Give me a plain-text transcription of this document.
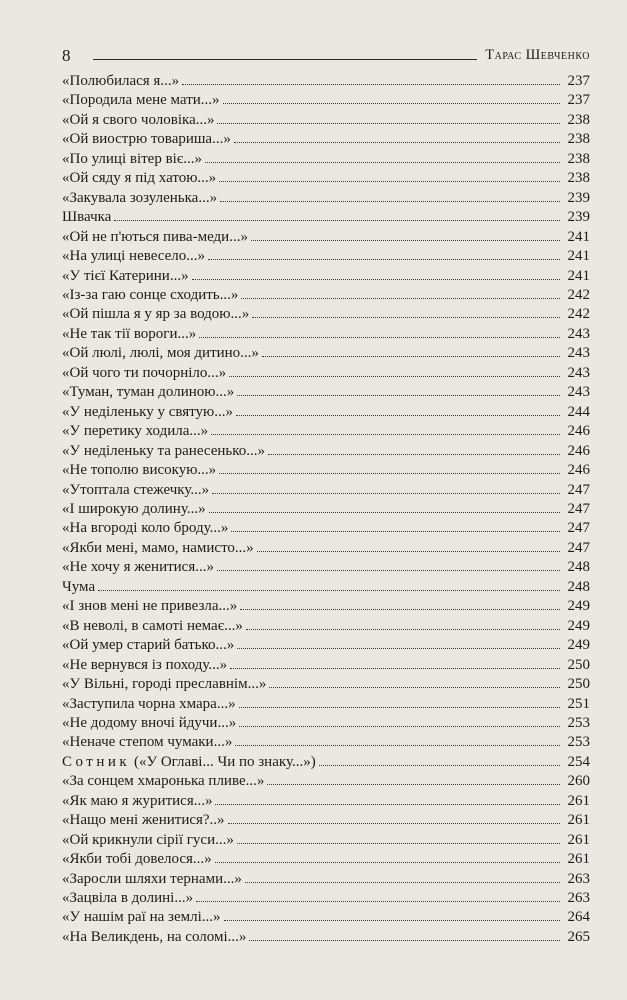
8	Тарас Шевченко
«Полюбилася я...»	237
«Породила мене мати...»	237
«Ой я свого чоловіка...»	238
«Ой виострю товариша...»	238
«По улиці вітер віє...»	238
«Ой сяду я під хатою...»	238
«Закувала зозуленька...»	239
Швачка	239
«Ой не п'ються пива-меди...»	241
«На улиці невесело...»	241
«У тієї Катерини...»	241
«Із-за гаю сонце сходить...»	242
«Ой пішла я у яр за водою...»	242
«Не так тії вороги...»	243
«Ой люлі, люлі, моя дитино...»	243
«Ой чого ти почорніло...»	243
«Туман, туман долиною...»	243
«У неділеньку у святую...»	244
«У перетику ходила...»	246
«У неділеньку та ранесенько...»	246
«Не тополю високую...»	246
«Утоптала стежечку...»	247
«І широкую долину...»	247
«На вгороді коло броду...»	247
«Якби мені, мамо, намисто...»	247
«Не хочу я женитися...»	248
Чума	248
«І знов мені не привезла...»	249
«В неволі, в самоті немає...»	249
«Ой умер старий батько...»	249
«Не вернувся із походу...»	250
«У Вільні, городі преславнім...»	250
«Заступила чорна хмара...»	251
«Не додому вночі йдучи...»	253
«Неначе степом чумаки...»	253
Сотник («У Оглаві... Чи по знаку...»)	254
«За сонцем хмаронька пливе...»	260
«Як маю я журитися...»	261
«Нащо мені женитися?..»	261
«Ой крикнули сірії гуси...»	261
«Якби тобі довелося...»	261
«Заросли шляхи тернами...»	263
«Зацвіла в долині...»	263
«У нашім раї на землі...»	264
«На Великдень, на соломі...»	265
